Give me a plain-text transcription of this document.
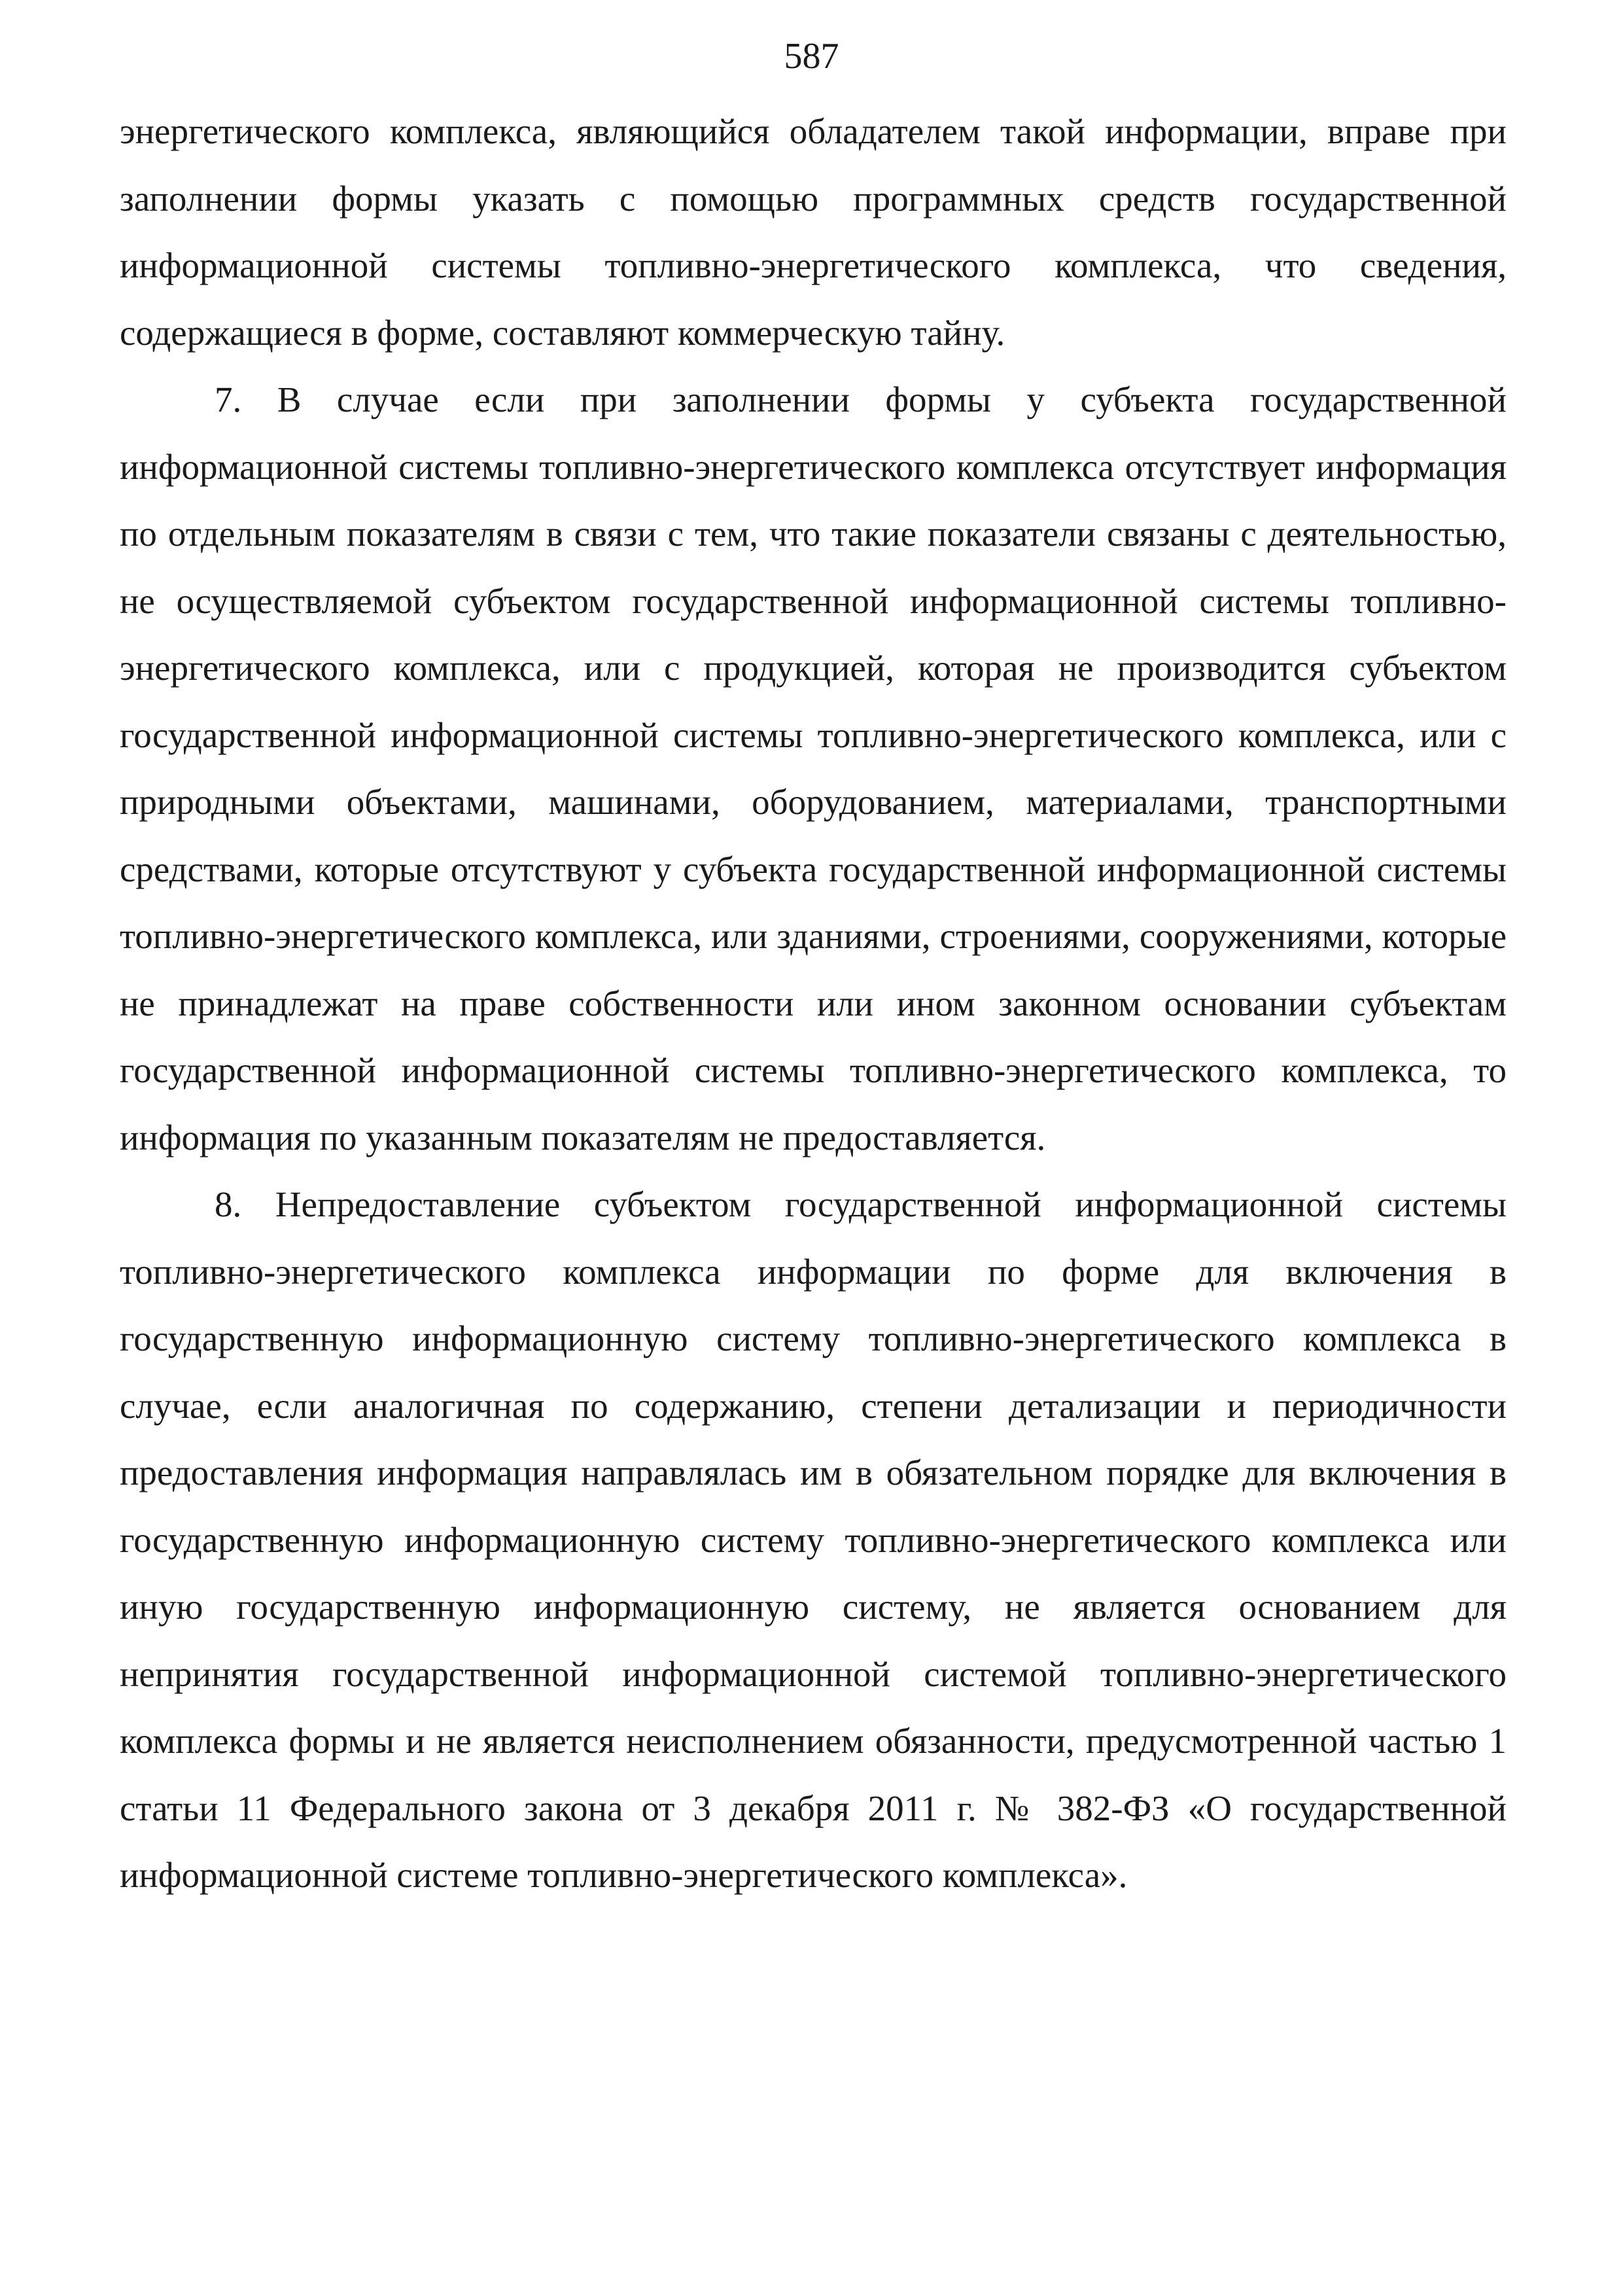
587

энергетического комплекса, являющийся обладателем такой информации, вправе при заполнении формы указать с помощью программных средств государственной информационной системы топливно-энергетического комплекса, что сведения, содержащиеся в форме, составляют коммерческую тайну.

7. В случае если при заполнении формы у субъекта государственной информационной системы топливно-энергетического комплекса отсутствует информация по отдельным показателям в связи с тем, что такие показатели связаны с деятельностью, не осуществляемой субъектом государственной информационной системы топливно-энергетического комплекса, или с продукцией, которая не производится субъектом государственной информационной системы топливно-энергетического комплекса, или с природными объектами, машинами, оборудованием, материалами, транспортными средствами, которые отсутствуют у субъекта государственной информационной системы топливно-энергетического комплекса, или зданиями, строениями, сооружениями, которые не принадлежат на праве собственности или ином законном основании субъектам государственной информационной системы топливно-энергетического комплекса, то информация по указанным показателям не предоставляется.

8. Непредоставление субъектом государственной информационной системы топливно-энергетического комплекса информации по форме для включения в государственную информационную систему топливно-энергетического комплекса в случае, если аналогичная по содержанию, степени детализации и периодичности предоставления информация направлялась им в обязательном порядке для включения в государственную информационную систему топливно-энергетического комплекса или иную государственную информационную систему, не является основанием для непринятия государственной информационной системой топливно-энергетического комплекса формы и не является неисполнением обязанности, предусмотренной частью 1 статьи 11 Федерального закона от 3 декабря 2011 г. № 382-ФЗ «О государственной информационной системе топливно-энергетического комплекса».
